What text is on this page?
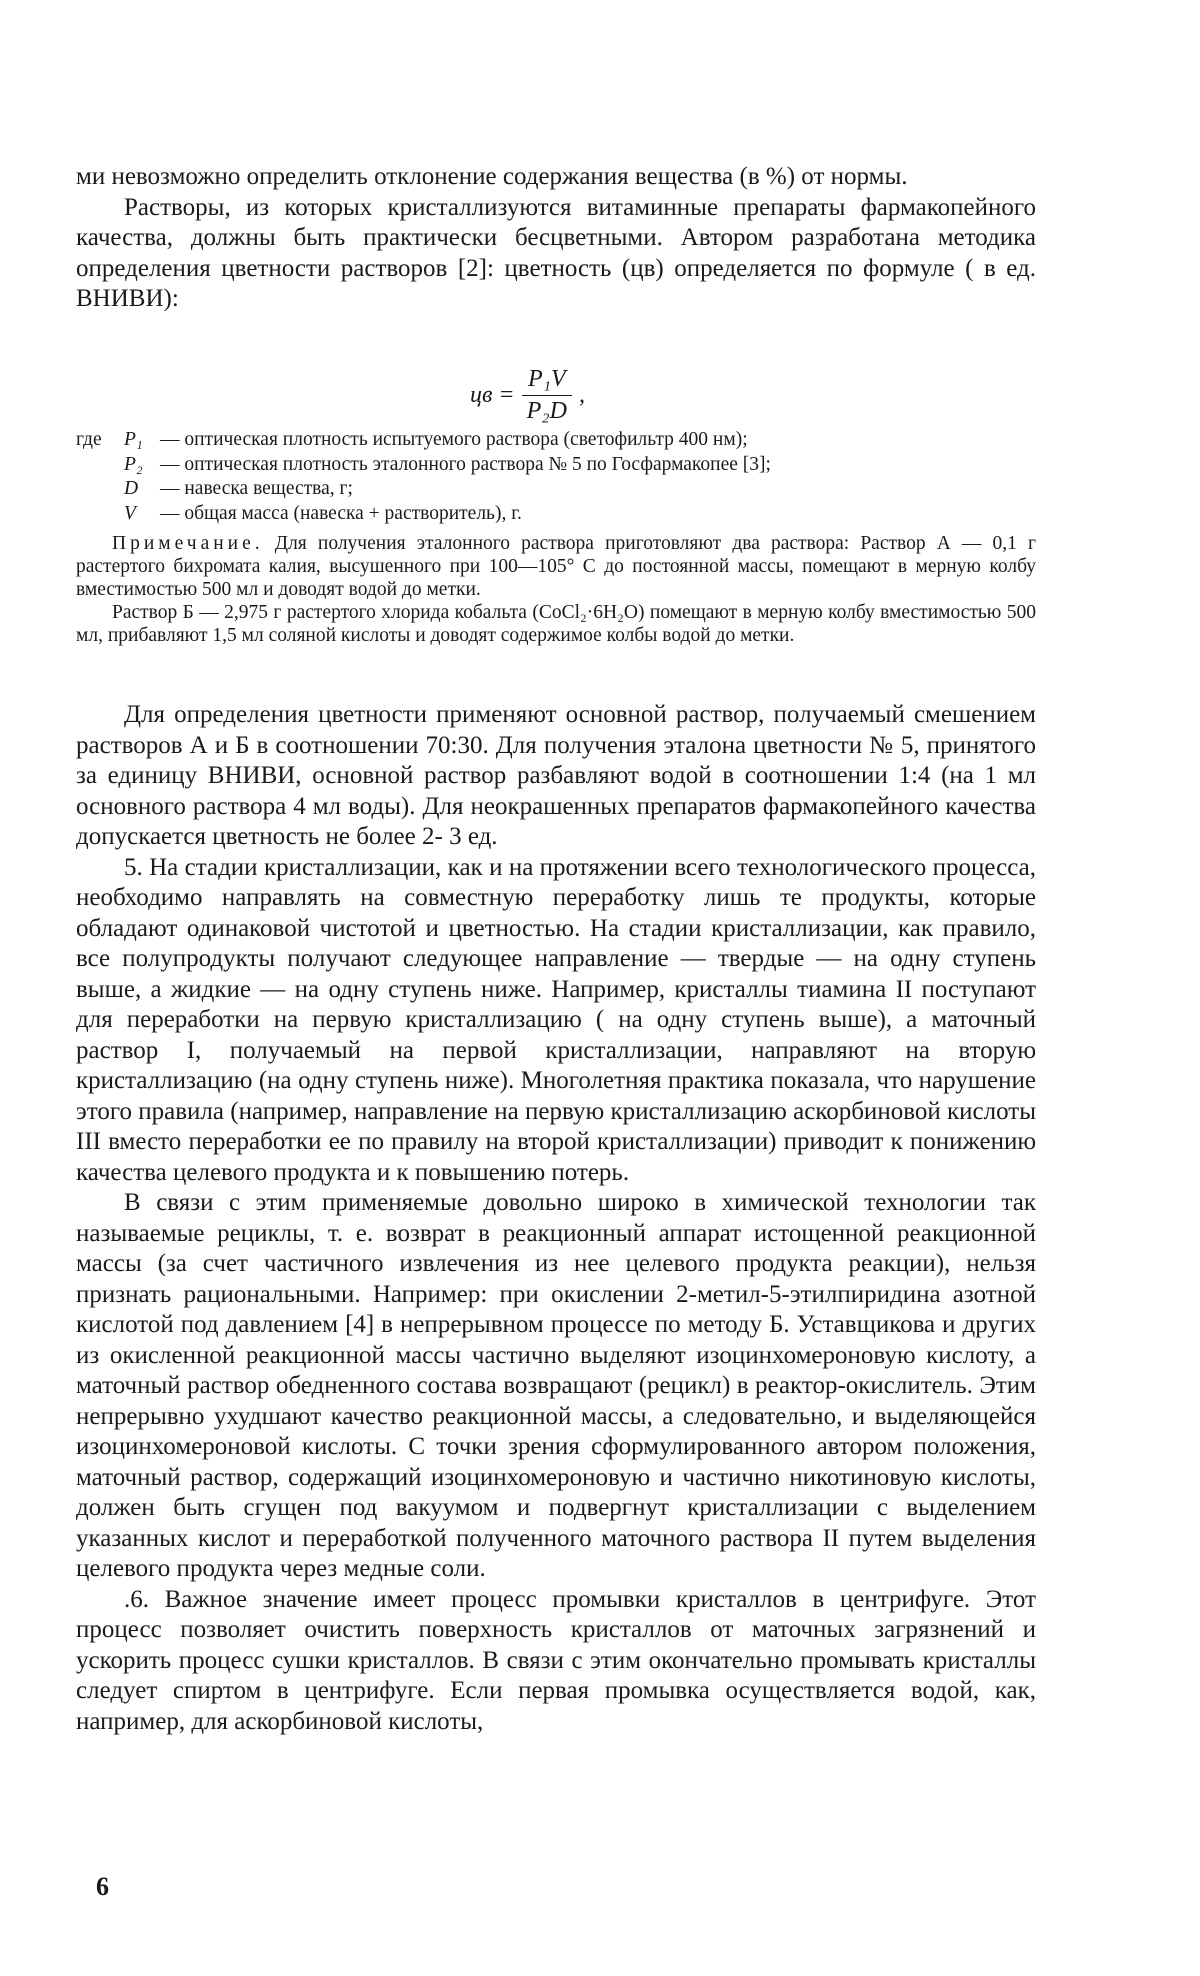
ми невозможно определить отклонение содержания вещества (в %) от нормы.

Растворы, из которых кристаллизуются витаминные препараты фармакопейного качества, должны быть практически бесцветными. Автором разработана методика определения цветности растворов [2]: цветность (цв) определяется по формуле ( в ед. ВНИВИ):

цв = $\frac{\text{P₁V}}{\text{P₂D}}$ ,
где	P₁ — оптическая плотность испытуемого раствора (светофильтр 400 нм);
P₂ — оптическая плотность эталонного раствора № 5 по Госфармакопее [3];
D	— навеска вещества, г;
V	— общая масса (навеска + растворитель), г.

Примечание. Для получения эталонного раствора приготовляют два раствора: Раствор А — 0,1 г растертого бихромата калия, высушенного при 100—105° С до постоянной массы, помещают в мерную колбу вместимостью 500 мл и доводят водой до метки.

Раствор Б — 2,975 г растертого хлорида кобальта (CoCl₂·6H₂O) помещают в мерную колбу вместимостью 500 мл, прибавляют 1,5 мл соляной кислоты и доводят содержимое колбы водой до метки.

Для определения цветности применяют основной раствор, получаемый смешением растворов А и Б в соотношении 70:30. Для получения эталона цветности № 5, принятого за единицу ВНИВИ, основной раствор разбавляют водой в соотношении 1:4 (на 1 мл основного раствора 4 мл воды). Для неокрашенных препаратов фармакопейного качества допускается цветность не более 2- 3 ед.

5. На стадии кристаллизации, как и на протяжении всего технологического процесса, необходимо направлять на совместную переработку лишь те продукты, которые обладают одинаковой чистотой и цветностью. На стадии кристаллизации, как правило, все полупродукты получают следующее направление — твердые — на одну ступень выше, а жидкие — на одну ступень ниже. Например, кристаллы тиамина II поступают для переработки на первую кристаллизацию ( на одну ступень выше), а маточный раствор I, получаемый на первой кристаллизации, направляют на вторую кристаллизацию (на одну ступень ниже). Многолетняя практика показала, что нарушение этого правила (например, направление на первую кристаллизацию аскорбиновой кислоты III вместо переработки ее по правилу на второй кристаллизации) приводит к понижению качества целевого продукта и к повышению потерь.

В связи с этим применяемые довольно широко в химической технологии так называемые рециклы, т. е. возврат в реакционный аппарат истощенной реакционной массы (за счет частичного извлечения из нее целевого продукта реакции), нельзя признать рациональными. Например: при окислении 2-метил-5-этилпиридина азотной кислотой под давлением [4] в непрерывном процессе по методу Б. Уставщикова и других из окисленной реакционной массы частично выделяют изоцинхомероновую кислоту, а маточный раствор обедненного состава возвращают (рецикл) в реактор-окислитель. Этим непрерывно ухудшают качество реакционной массы, а следовательно, и выделяющейся изоцинхомероновой кислоты. С точки зрения сформулированного автором положения, маточный раствор, содержащий изоцинхомероновую и частично никотиновую кислоты, должен быть сгущен под вакуумом и подвергнут кристаллизации с выделением указанных кислот и переработкой полученного маточного раствора II путем выделения целевого продукта через медные соли.

.6. Важное значение имеет процесс промывки кристаллов в центрифуге. Этот процесс позволяет очистить поверхность кристаллов от маточных загрязнений и ускорить процесс сушки кристаллов. В связи с этим окончательно промывать кристаллы следует спиртом в центрифуге. Если первая промывка осуществляется водой, как, например, для аскорбиновой кислоты,

6
